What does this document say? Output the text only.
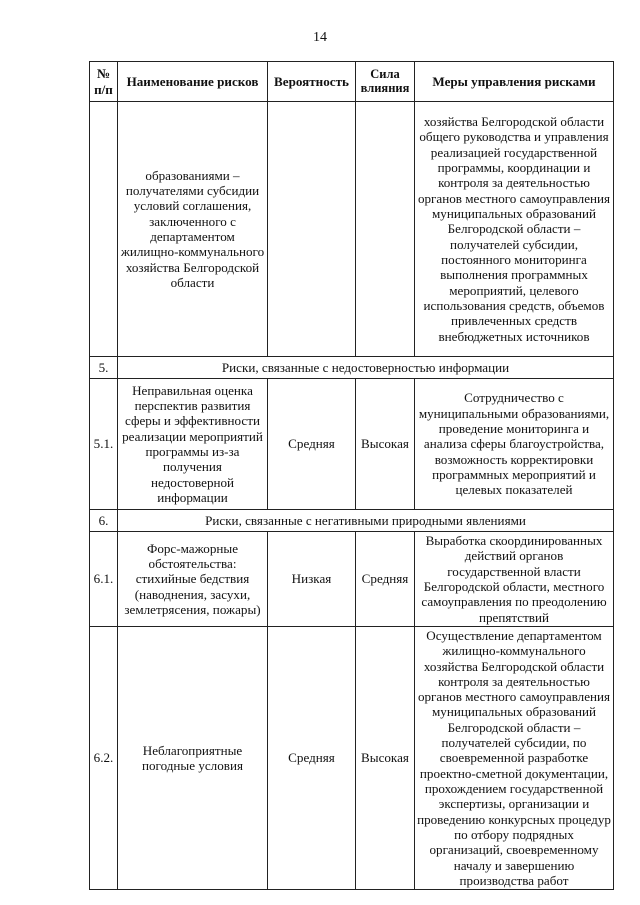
14
№ п/п	Наименование рисков	Вероятность	Сила влияния	Меры управления рисками
	образованиями – получателями субсидии условий соглашения, заключенного с департаментом жилищно-коммунального хозяйства Белгородской области			хозяйства Белгородской области общего руководства и управления реализацией государственной программы, координации и контроля за деятельностью органов местного самоуправления муниципальных образований Белгородской области – получателей субсидии, постоянного мониторинга выполнения программных мероприятий, целевого использования средств, объемов привлеченных средств внебюджетных источников
5.	Риски, связанные с недостоверностью информации			
5.1.	Неправильная оценка перспектив развития сферы и эффективности реализации мероприятий программы из-за получения недостоверной информации	Средняя	Высокая	Сотрудничество с муниципальными образованиями, проведение мониторинга и анализа сферы благоустройства, возможность корректировки программных мероприятий и целевых показателей
6.	Риски, связанные с негативными природными явлениями			
6.1.	Форс-мажорные обстоятельства: стихийные бедствия (наводнения, засухи, землетрясения, пожары)	Низкая	Средняя	Выработка скоординированных действий органов государственной власти Белгородской области, местного самоуправления по преодолению препятствий
6.2.	Неблагоприятные погодные условия	Средняя	Высокая	Осуществление департаментом жилищно-коммунального хозяйства Белгородской области контроля за деятельностью органов местного самоуправления муниципальных образований Белгородской области – получателей субсидии, по своевременной разработке проектно-сметной документации, прохождением государственной экспертизы, организации и проведению конкурсных процедур по отбору подрядных организаций, своевременному началу и завершению производства работ
